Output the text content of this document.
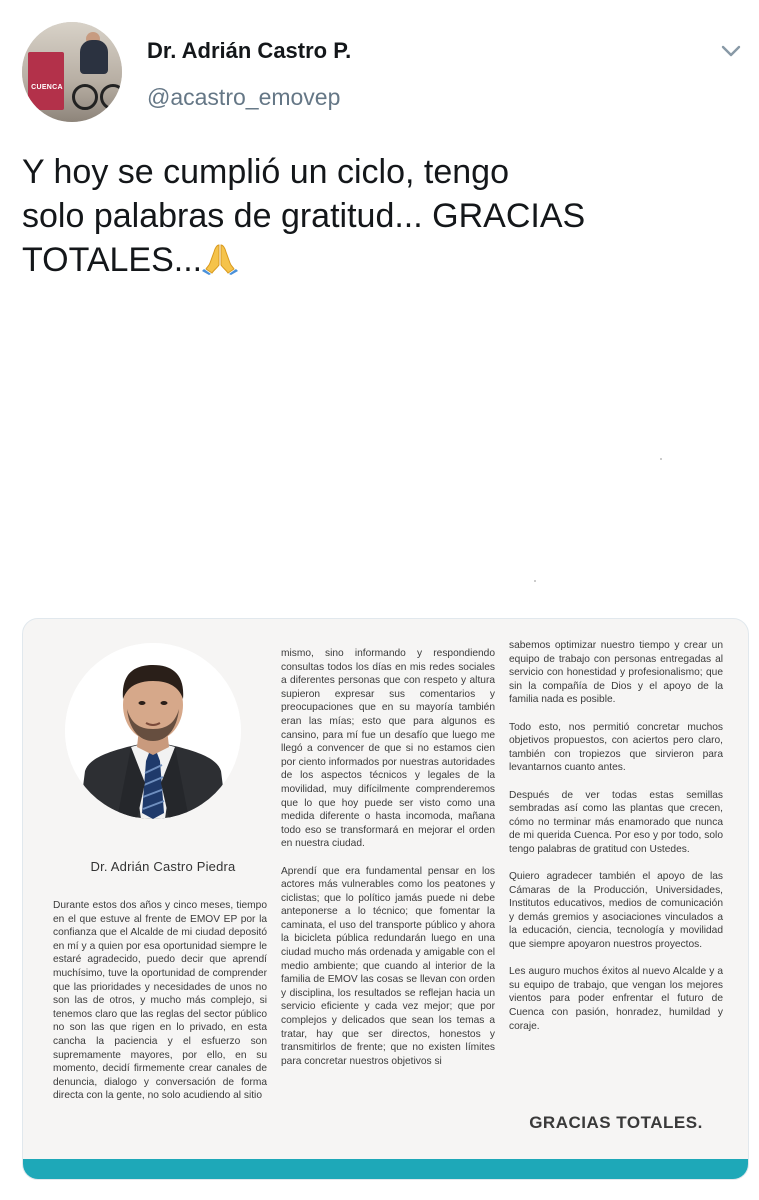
CUENCA
Dr. Adrián Castro P.
@acastro_emovep
Y hoy se cumplió un ciclo, tengo
solo palabras de gratitud... GRACIAS
TOTALES...
Dr. Adrián Castro Piedra

Durante estos dos años y cinco meses, tiempo en el que estuve al frente de EMOV EP por la confianza que el Alcalde de mi ciudad depositó en mí y a quien por esa oportunidad siempre le estaré agradecido, puedo decir que aprendí muchísimo, tuve la oportunidad de comprender que las prioridades y necesidades de unos no son las de otros, y mucho más complejo, si tenemos claro que las reglas del sector público no son las que rigen en lo privado, en esta cancha la paciencia y el esfuerzo son supremamente mayores, por ello, en su momento, decidí firmemente crear canales de denuncia, dialogo y conversación de forma directa con la gente, no solo acudiendo al sitio

mismo, sino informando y respondiendo consultas todos los días en mis redes sociales a diferentes personas que con respeto y altura supieron expresar sus comentarios y preocupaciones que en su mayoría también eran las mías; esto que para algunos es cansino, para mí fue un desafío que luego me llegó a convencer de que si no estamos cien por ciento informados por nuestras autoridades de los aspectos técnicos y legales de la movilidad, muy difícilmente comprenderemos que lo que hoy puede ser visto como una medida diferente o hasta incomoda, mañana todo eso se transformará en mejorar el orden en nuestra ciudad.

Aprendí que era fundamental pensar en los actores más vulnerables como los peatones y ciclistas; que lo político jamás puede ni debe anteponerse a lo técnico; que fomentar la caminata, el uso del transporte público y ahora la bicicleta pública redundarán luego en una ciudad mucho más ordenada y amigable con el medio ambiente; que cuando al interior de la familia de EMOV las cosas se llevan con orden y disciplina, los resultados se reflejan hacia un servicio eficiente y cada vez mejor; que por complejos y delicados que sean los temas a tratar, hay que ser directos, honestos y transmitirlos de frente; que no existen límites para concretar nuestros objetivos si

sabemos optimizar nuestro tiempo y crear un equipo de trabajo con personas entregadas al servicio con honestidad y profesionalismo; que sin la compañía de Dios y el apoyo de la familia nada es posible.

Todo esto, nos permitió concretar muchos objetivos propuestos, con aciertos pero claro, también con tropiezos que sirvieron para levantarnos cuanto antes.

Después de ver todas estas semillas sembradas así como las plantas que crecen, cómo no terminar más enamorado que nunca de mi querida Cuenca. Por eso y por todo, solo tengo palabras de gratitud con Ustedes.

Quiero agradecer también el apoyo de las Cámaras de la Producción, Universidades, Institutos educativos, medios de comunicación y demás gremios y asociaciones vinculados a la educación, ciencia, tecnología y movilidad que siempre apoyaron nuestros proyectos.

Les auguro muchos éxitos al nuevo Alcalde y a su equipo de trabajo, que vengan los mejores vientos para poder enfrentar el futuro de Cuenca con pasión, honradez, humildad y coraje.

GRACIAS TOTALES.
